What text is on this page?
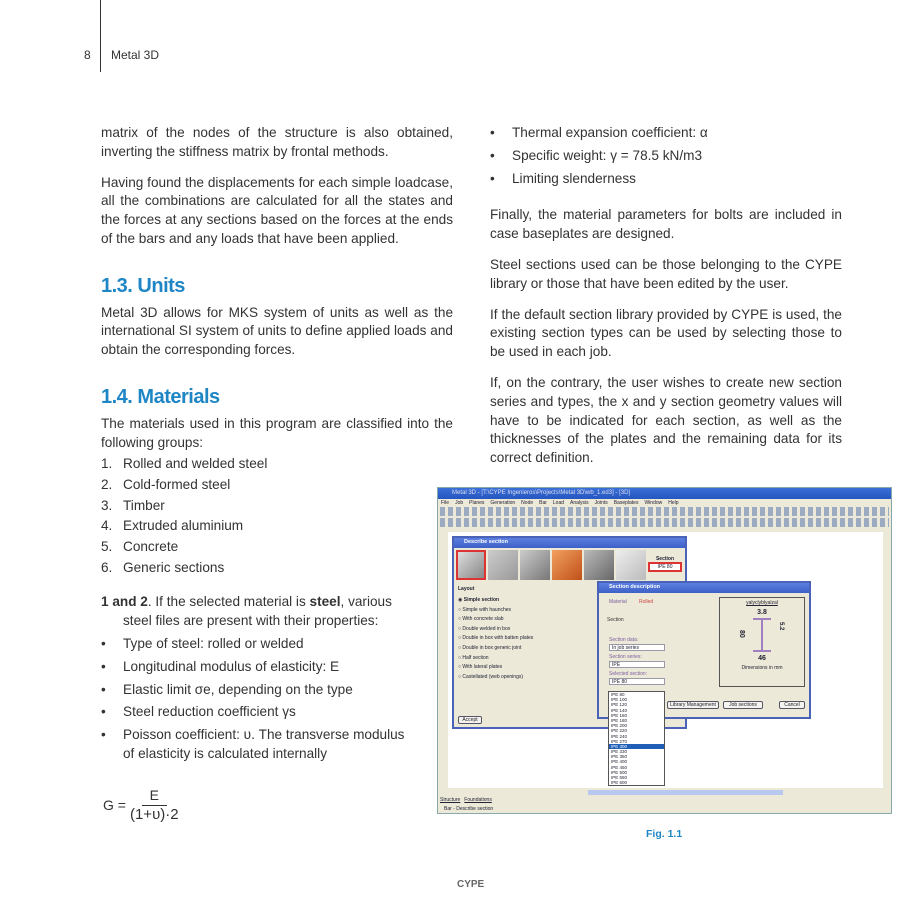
8 Metal 3D

matrix of the nodes of the structure is also obtained, inverting the stiffness matrix by frontal methods.

Having found the displacements for each simple loadcase, all the combinations are calculated for all the states and the forces at any sections based on the forces at the ends of the bars and any loads that have been applied.

1.3. Units

Metal 3D allows for MKS system of units as well as the international SI system of units to define applied loads and obtain the corresponding forces.

1.4. Materials

The materials used in this program are classified into the following groups:

1. Rolled and welded steel
2. Cold-formed steel
3. Timber
4. Extruded aluminium
5. Concrete
6. Generic sections

1 and 2. If the selected material is steel, various steel files are present with their properties:

• Type of steel: rolled or welded
• Longitudinal modulus of elasticity: E
• Elastic limit σe, depending on the type
• Steel reduction coefficient γs
• Poisson coefficient: υ. The transverse modulus of elasticity is calculated internally
$G = \frac{E}{(1+\upsilon)\cdot 2}$
• Thermal expansion coefficient: α
• Specific weight: γ = 78.5 kN/m3
• Limiting slenderness

Finally, the material parameters for bolts are included in case baseplates are designed.

Steel sections used can be those belonging to the CYPE library or those that have been edited by the user.

If the default section library provided by CYPE is used, the existing section types can be used by selecting those to be used in each job.

If, on the contrary, the user wishes to create new section series and types, the x and y section geometry values will have to be indicated for each section, as well as the thicknesses of the plates and the remaining data for its correct definition.

Metal 3D - [T:\CYPE Ingenieros\Projects\Metal 3D\wb_1.ed3] - [3D]
File Job Planes Generation Node Bar Load Analysis Joints Baseplates Window Help
Describe section
Section
IPE 80
Layout
◉ Simple section
○ Simple with haunches
○ With concrete slab
○ Double welded in box
○ Double in box with batten plates
○ Double in box generic joint
○ Half section
○ With lateral plates
○ Castellated (web openings)
Accept
Section description
Material Rolled
Section
Section data:
In job series
Section series:
IPE
Selected section:
IPE 80
yalyclyblyalzal
3.8
80
5.2
46
Dimensions in mm
Library Management	Job sections	Cancel
IPE 80
IPE 100
IPE 120
IPE 140
IPE 160
IPE 180
IPE 200
IPE 220
IPE 240
IPE 270
IPE 300
IPE 330
IPE 360
IPE 400
IPE 450
IPE 500
IPE 550
IPE 600
Structure Foundations
Bar - Describe section
Fig. 1.1
CYPE
